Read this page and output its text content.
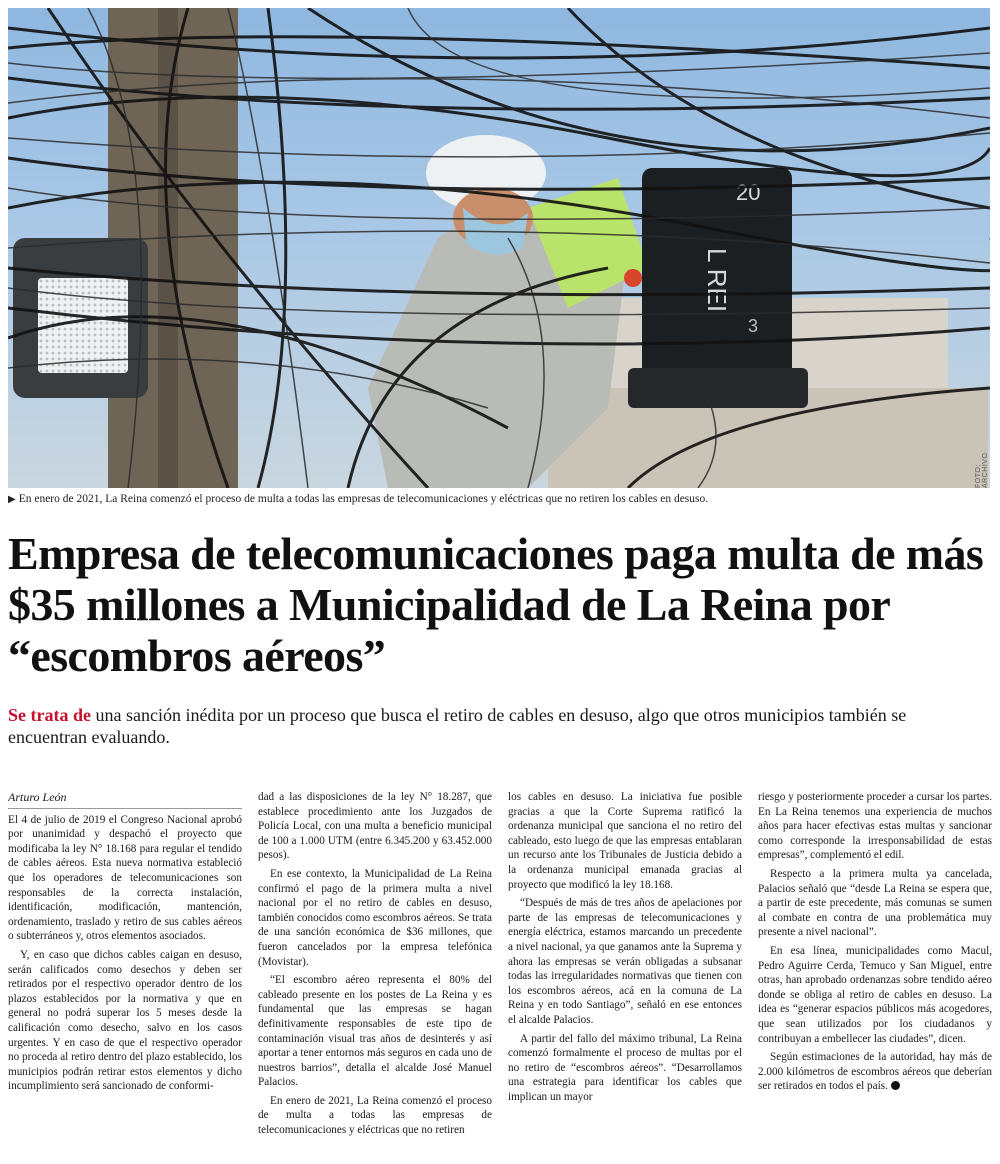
L REI
20
3
FOTO: ARCHIVO
▶ En enero de 2021, La Reina comenzó el proceso de multa a todas las empresas de telecomunicaciones y eléctricas que no retiren los cables en desuso.
Empresa de telecomunicaciones paga multa de más $35 millones a Municipalidad de La Reina por “escombros aéreos”
Se trata de una sanción inédita por un proceso que busca el retiro de cables en desuso, algo que otros municipios también se encuentran evaluando.

Arturo León

El 4 de julio de 2019 el Congreso Nacional aprobó por unanimidad y despachó el proyecto que modificaba la ley N° 18.168 para regular el tendido de cables aéreos. Esta nueva normativa estableció que los operadores de telecomunicaciones son responsables de la correcta instalación, identificación, modificación, mantención, ordenamiento, traslado y retiro de sus cables aéreos o subterráneos y, otros elementos asociados.

Y, en caso que dichos cables caigan en desuso, serán calificados como desechos y deben ser retirados por el respectivo operador dentro de los plazos establecidos por la normativa y que en general no podrá superar los 5 meses desde la calificación como desecho, salvo en los casos urgentes. Y en caso de que el respectivo operador no proceda al retiro dentro del plazo establecido, los municipios podrán retirar estos elementos y dicho incumplimiento será sancionado de conformi-

dad a las disposiciones de la ley N° 18.287, que establece procedimiento ante los Juzgados de Policía Local, con una multa a beneficio municipal de 100 a 1.000 UTM (entre 6.345.200 y 63.452.000 pesos).

En ese contexto, la Municipalidad de La Reina confirmó el pago de la primera multa a nivel nacional por el no retiro de cables en desuso, también conocidos como escombros aéreos. Se trata de una sanción económica de $36 millones, que fueron cancelados por la empresa telefónica (Movistar).

“El escombro aéreo representa el 80% del cableado presente en los postes de La Reina y es fundamental que las empresas se hagan definitivamente responsables de este tipo de contaminación visual tras años de desinterés y así aportar a tener entornos más seguros en cada uno de nuestros barrios”, detalla el alcalde José Manuel Palacios.

En enero de 2021, La Reina comenzó el proceso de multa a todas las empresas de telecomunicaciones y eléctricas que no retiren

los cables en desuso. La iniciativa fue posible gracias a que la Corte Suprema ratificó la ordenanza municipal que sanciona el no retiro del cableado, esto luego de que las empresas entablaran un recurso ante los Tribunales de Justicia debido a la ordenanza municipal emanada gracias al proyecto que modificó la ley 18.168.

“Después de más de tres años de apelaciones por parte de las empresas de telecomunicaciones y energía eléctrica, estamos marcando un precedente a nivel nacional, ya que ganamos ante la Suprema y ahora las empresas se verán obligadas a subsanar todas las irregularidades normativas que tienen con los escombros aéreos, acá en la comuna de La Reina y en todo Santiago”, señaló en ese entonces el alcalde Palacios.

A partir del fallo del máximo tribunal, La Reina comenzó formalmente el proceso de multas por el no retiro de “escombros aéreos”. “Desarrollamos una estrategia para identificar los cables que implican un mayor

riesgo y posteriormente proceder a cursar los partes. En La Reina tenemos una experiencia de muchos años para hacer efectivas estas multas y sancionar como corresponde la irresponsabilidad de estas empresas”, complementó el edil.

Respecto a la primera multa ya cancelada, Palacios señaló que “desde La Reina se espera que, a partir de este precedente, más comunas se sumen al combate en contra de una problemática muy presente a nivel nacional”.

En esa línea, municipalidades como Macul, Pedro Aguirre Cerda, Temuco y San Miguel, entre otras, han aprobado ordenanzas sobre tendido aéreo donde se obliga al retiro de cables en desuso. La idea es “generar espacios públicos más acogedores, que sean utilizados por los ciudadanos y contribuyan a embellecer las ciudades”, dicen.

Según estimaciones de la autoridad, hay más de 2.000 kilómetros de escombros aéreos que deberían ser retirados en todos el país.
